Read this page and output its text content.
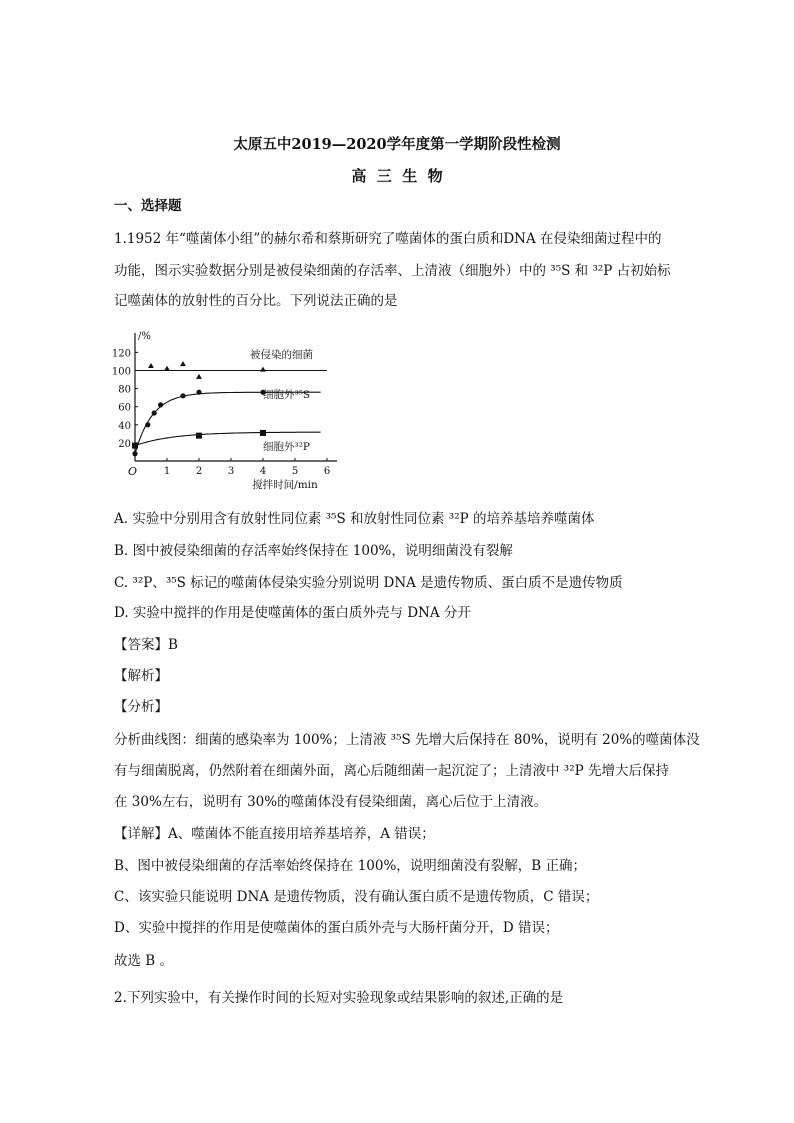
太原五中2019—2020学年度第一学期阶段性检测
高  三  生  物
一、选择题
1.1952 年“噬菌体小组”的赫尔希和蔡斯研究了噬菌体的蛋白质和DNA 在侵染细菌过程中的
功能，图示实验数据分别是被侵染细菌的存活率、上清液（细胞外）中的 ³⁵S 和 ³²P 占初始标
记噬菌体的放射性的百分比。下列说法正确的是
/%
O
20
40
60
80
100
120
1	2	3	4	5	6
搅拌时间/min
被侵染的细菌
细胞外³⁵S
细胞外³²P
A. 实验中分别用含有放射性同位素 ³⁵S 和放射性同位素 ³²P 的培养基培养噬菌体
B. 图中被侵染细菌的存活率始终保持在 100%，说明细菌没有裂解
C. ³²P、³⁵S 标记的噬菌体侵染实验分别说明 DNA 是遗传物质、蛋白质不是遗传物质
D. 实验中搅拌的作用是使噬菌体的蛋白质外壳与 DNA 分开
【答案】B
【解析】
【分析】
分析曲线图：细菌的感染率为 100%；上清液 ³⁵S 先增大后保持在 80%，说明有 20%的噬菌体没
有与细菌脱离，仍然附着在细菌外面，离心后随细菌一起沉淀了；上清液中 ³²P 先增大后保持
在 30%左右，说明有 30%的噬菌体没有侵染细菌，离心后位于上清液。
【详解】A、噬菌体不能直接用培养基培养，A 错误；
B、图中被侵染细菌的存活率始终保持在 100%，说明细菌没有裂解，B 正确；
C、该实验只能说明 DNA 是遗传物质，没有确认蛋白质不是遗传物质，C 错误；
D、实验中搅拌的作用是使噬菌体的蛋白质外壳与大肠杆菌分开，D 错误；
故选 B 。
2.下列实验中，有关操作时间的长短对实验现象或结果影响的叙述,正确的是
